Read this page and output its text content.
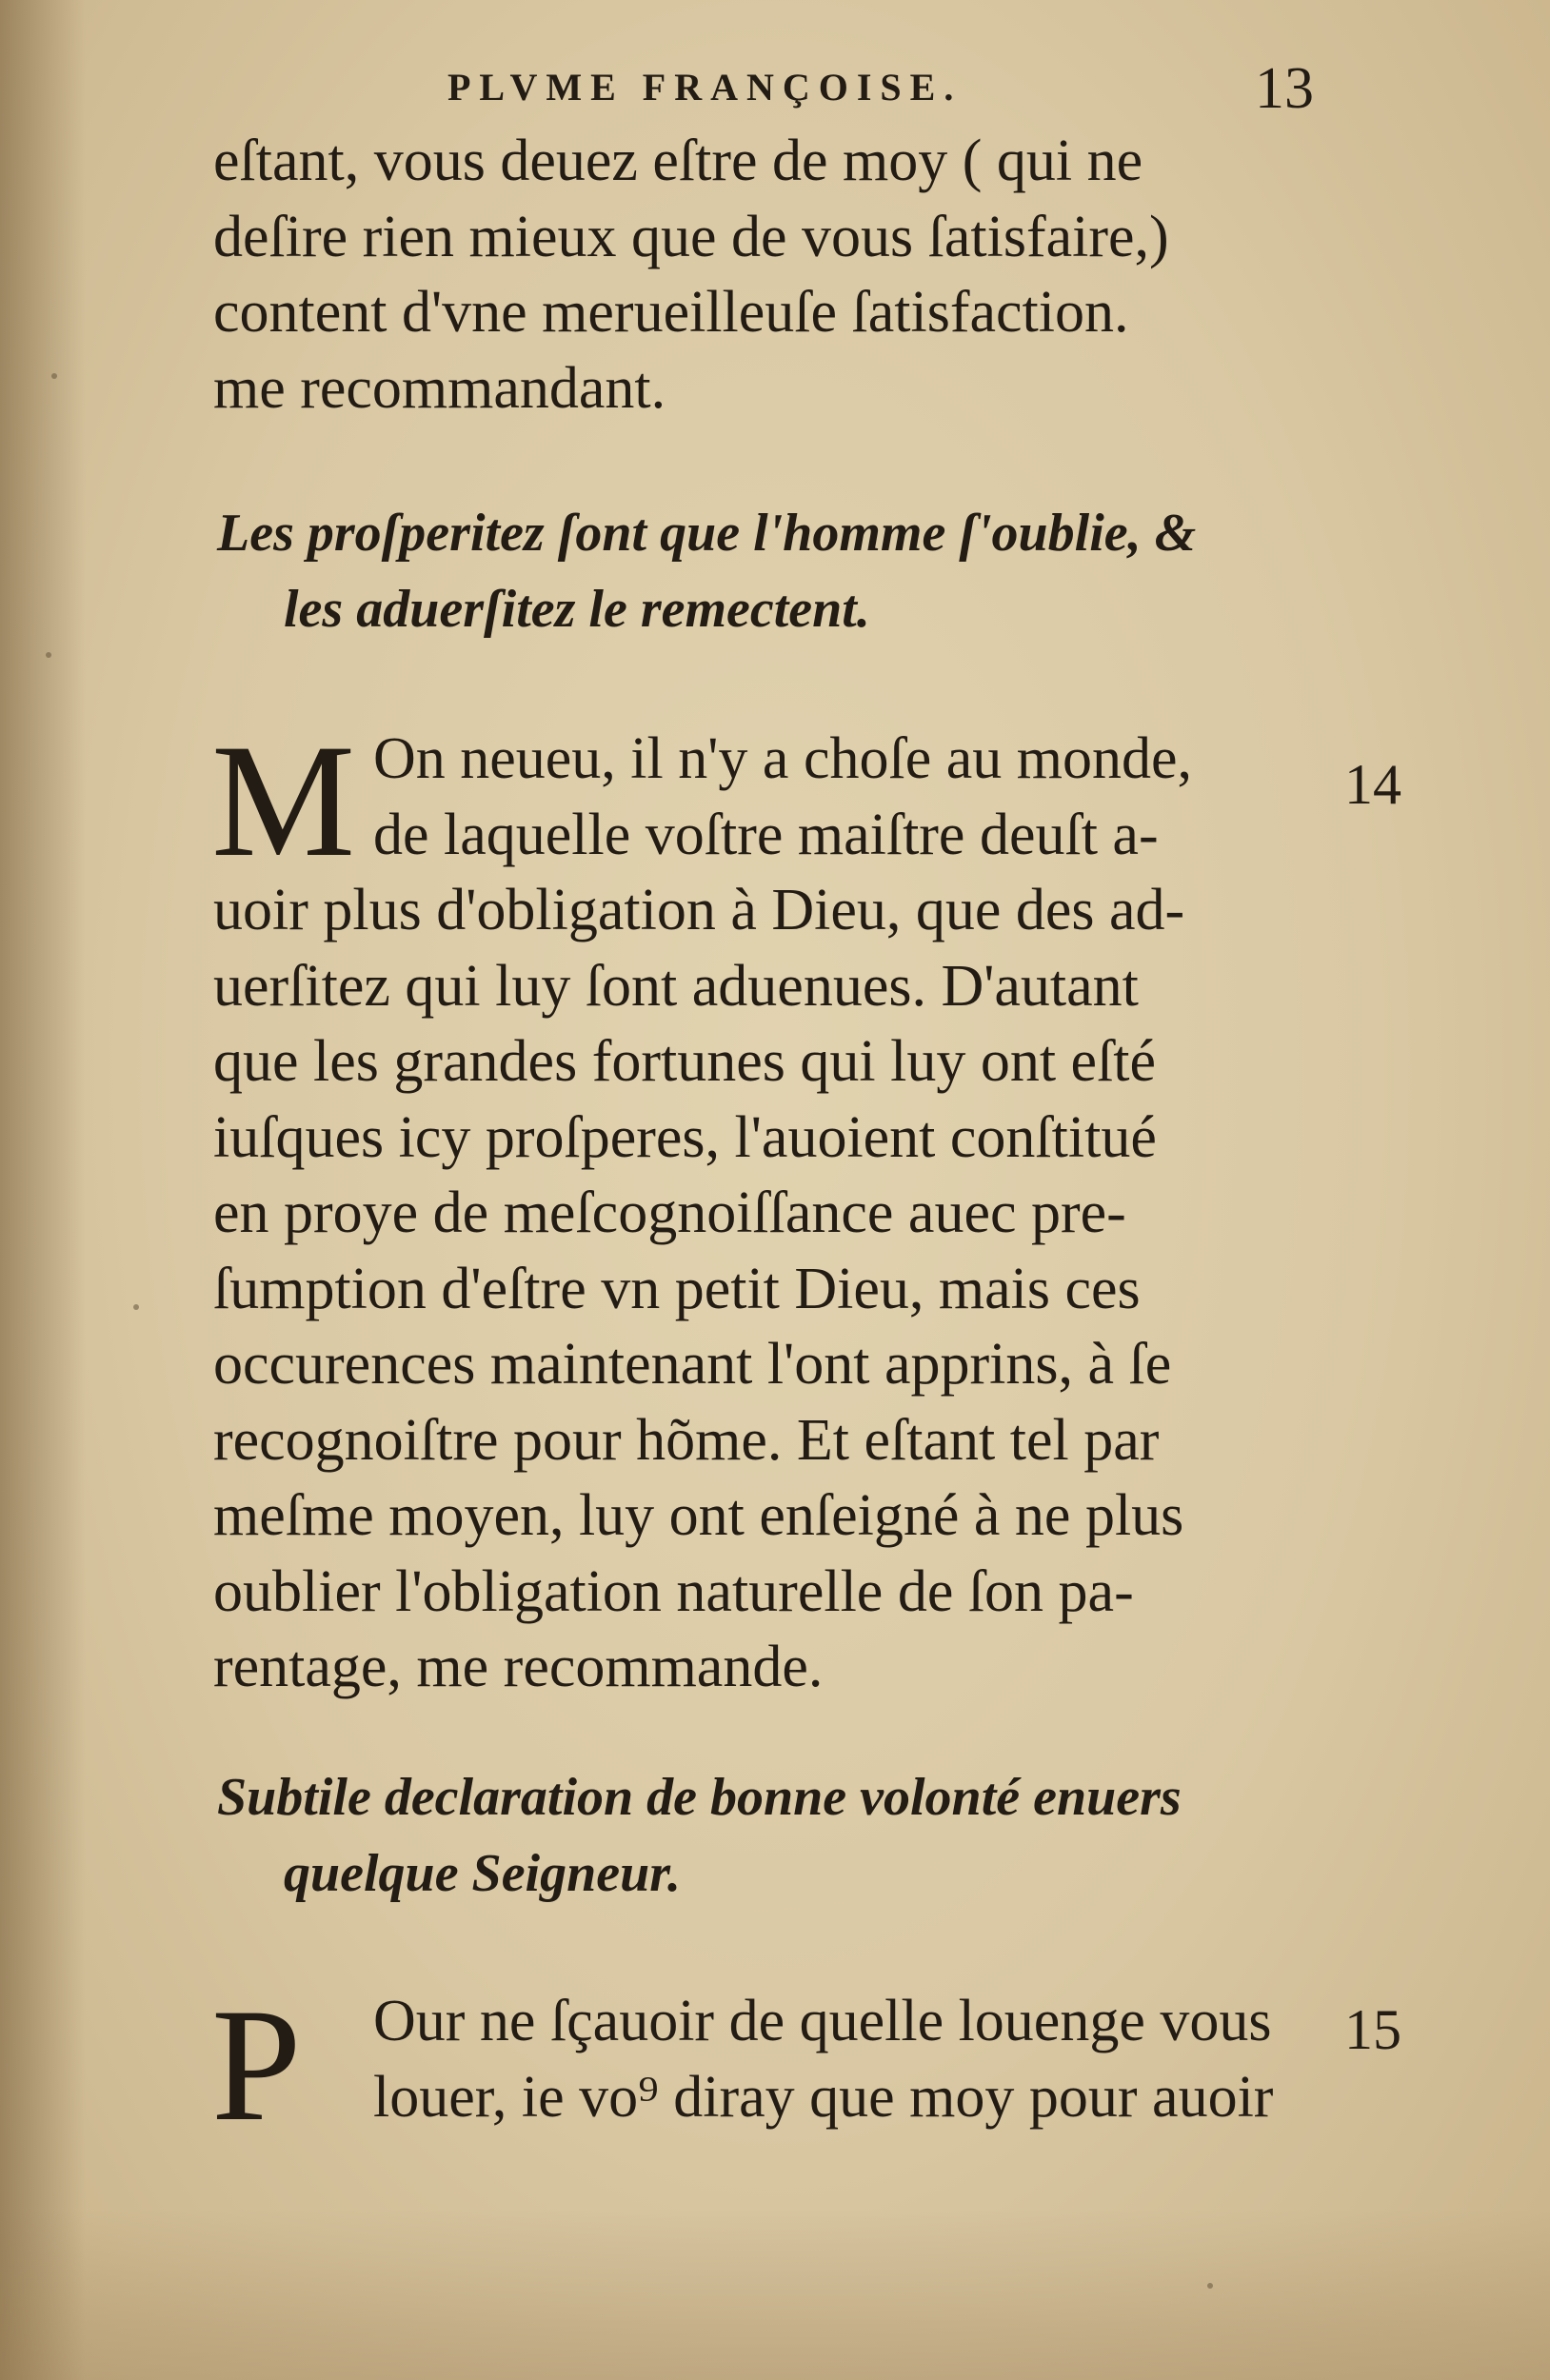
PLVME FRANÇOISE.	13
eſtant, vous deuez eſtre de moy ( qui ne
deſire rien mieux que de vous ſatisfaire,)
content d'vne merueilleuſe ſatisfaction.
me recommandant.
Les proſperitez ſont que l'homme ſ'oublie, &
les aduerſitez le remectent.
M	14
On neueu, il n'y a choſe au monde,
de laquelle voſtre maiſtre deuſt a-
uoir plus d'obligation à Dieu, que des ad-
uerſitez qui luy ſont aduenues. D'autant
que les grandes fortunes qui luy ont eſté
iuſques icy proſperes, l'auoient conſtitué
en proye de meſcognoiſſance auec pre-
ſumption d'eſtre vn petit Dieu, mais ces
occurences maintenant l'ont apprins, à ſe
recognoiſtre pour hõme. Et eſtant tel par
meſme moyen, luy ont enſeigné à ne plus
oublier l'obligation naturelle de ſon pa-
rentage, me recommande.
Subtile declaration de bonne volonté enuers
quelque Seigneur.
P	15
Our ne ſçauoir de quelle louenge vous
louer, ie vo⁹ diray que moy pour auoir
